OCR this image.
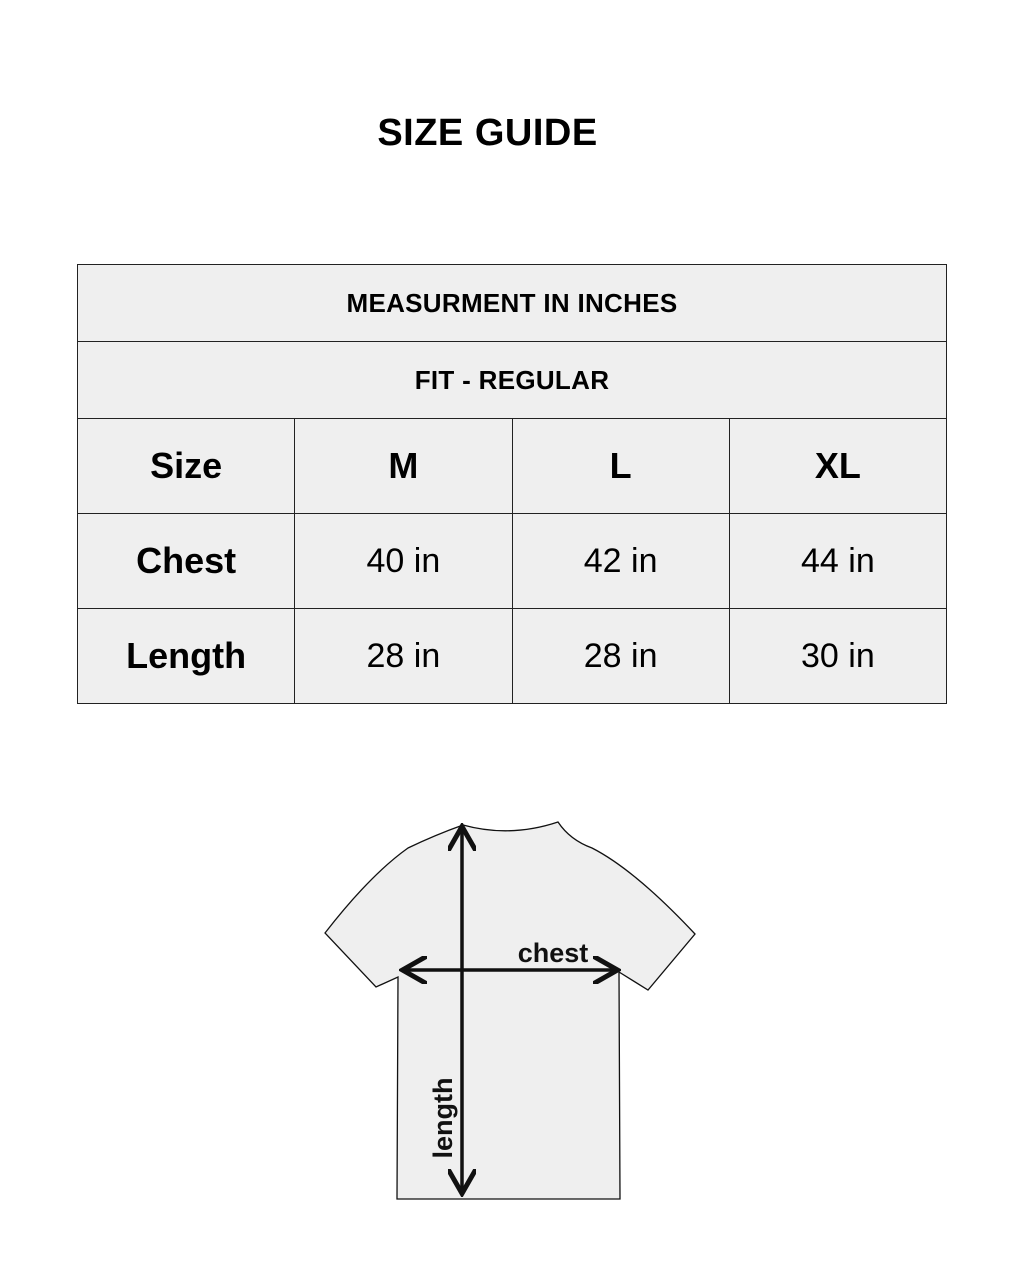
SIZE GUIDE
MEASURMENT IN INCHES			
FIT - REGULAR			
Size	M	L	XL
Chest	40 in	42 in	44 in
Length	28 in	28 in	30 in
chest
length
